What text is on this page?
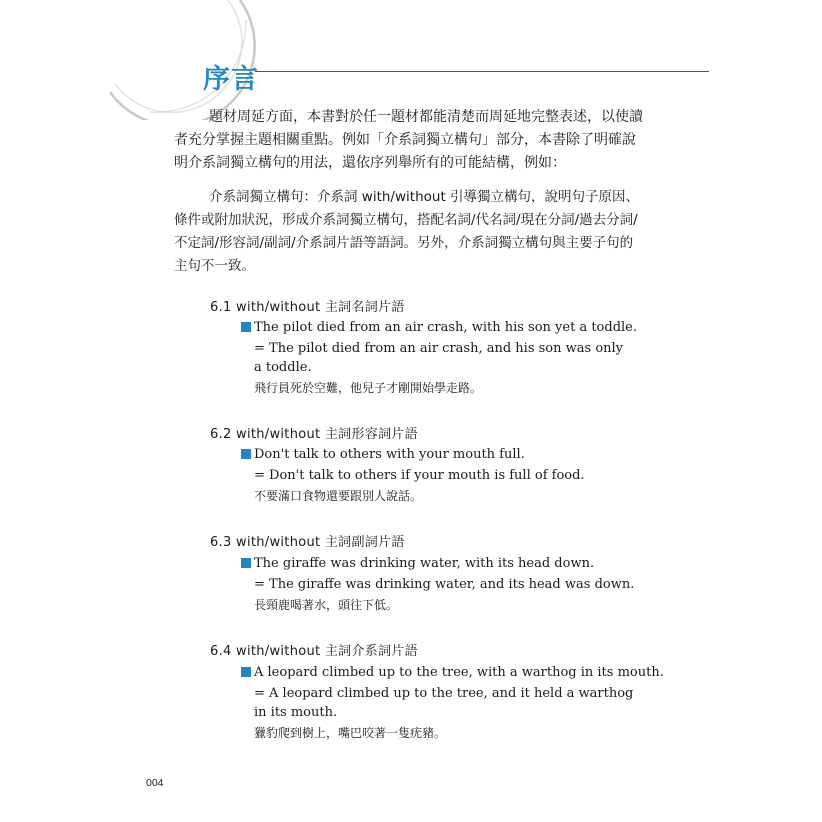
序言

題材周延方面，本書對於任一題材都能清楚而周延地完整表述，以使讀者充分掌握主題相關重點。例如「介系詞獨立構句」部分，本書除了明確說明介系詞獨立構句的用法，還依序列舉所有的可能結構，例如：

介系詞獨立構句：介系詞 with/without 引導獨立構句，說明句子原因、條件或附加狀況，形成介系詞獨立構句，搭配名詞/代名詞/現在分詞/過去分詞/不定詞/形容詞/副詞/介系詞片語等語詞。另外，介系詞獨立構句與主要子句的主句不一致。

6.1 with/without 主詞名詞片語
The pilot died from an air crash, with his son yet a toddle.
= The pilot died from an air crash, and his son was only a toddle.
飛行員死於空難，他兒子才剛開始學走路。
6.2 with/without 主詞形容詞片語
Don't talk to others with your mouth full.
= Don't talk to others if your mouth is full of food.
不要滿口食物還要跟別人說話。
6.3 with/without 主詞副詞片語
The giraffe was drinking water, with its head down.
= The giraffe was drinking water, and its head was down.
長頸鹿喝著水，頭往下低。
6.4 with/without 主詞介系詞片語
A leopard climbed up to the tree, with a warthog in its mouth.
= A leopard climbed up to the tree, and it held a warthog in its mouth.
獵豹爬到樹上，嘴巴咬著一隻疣豬。
004
